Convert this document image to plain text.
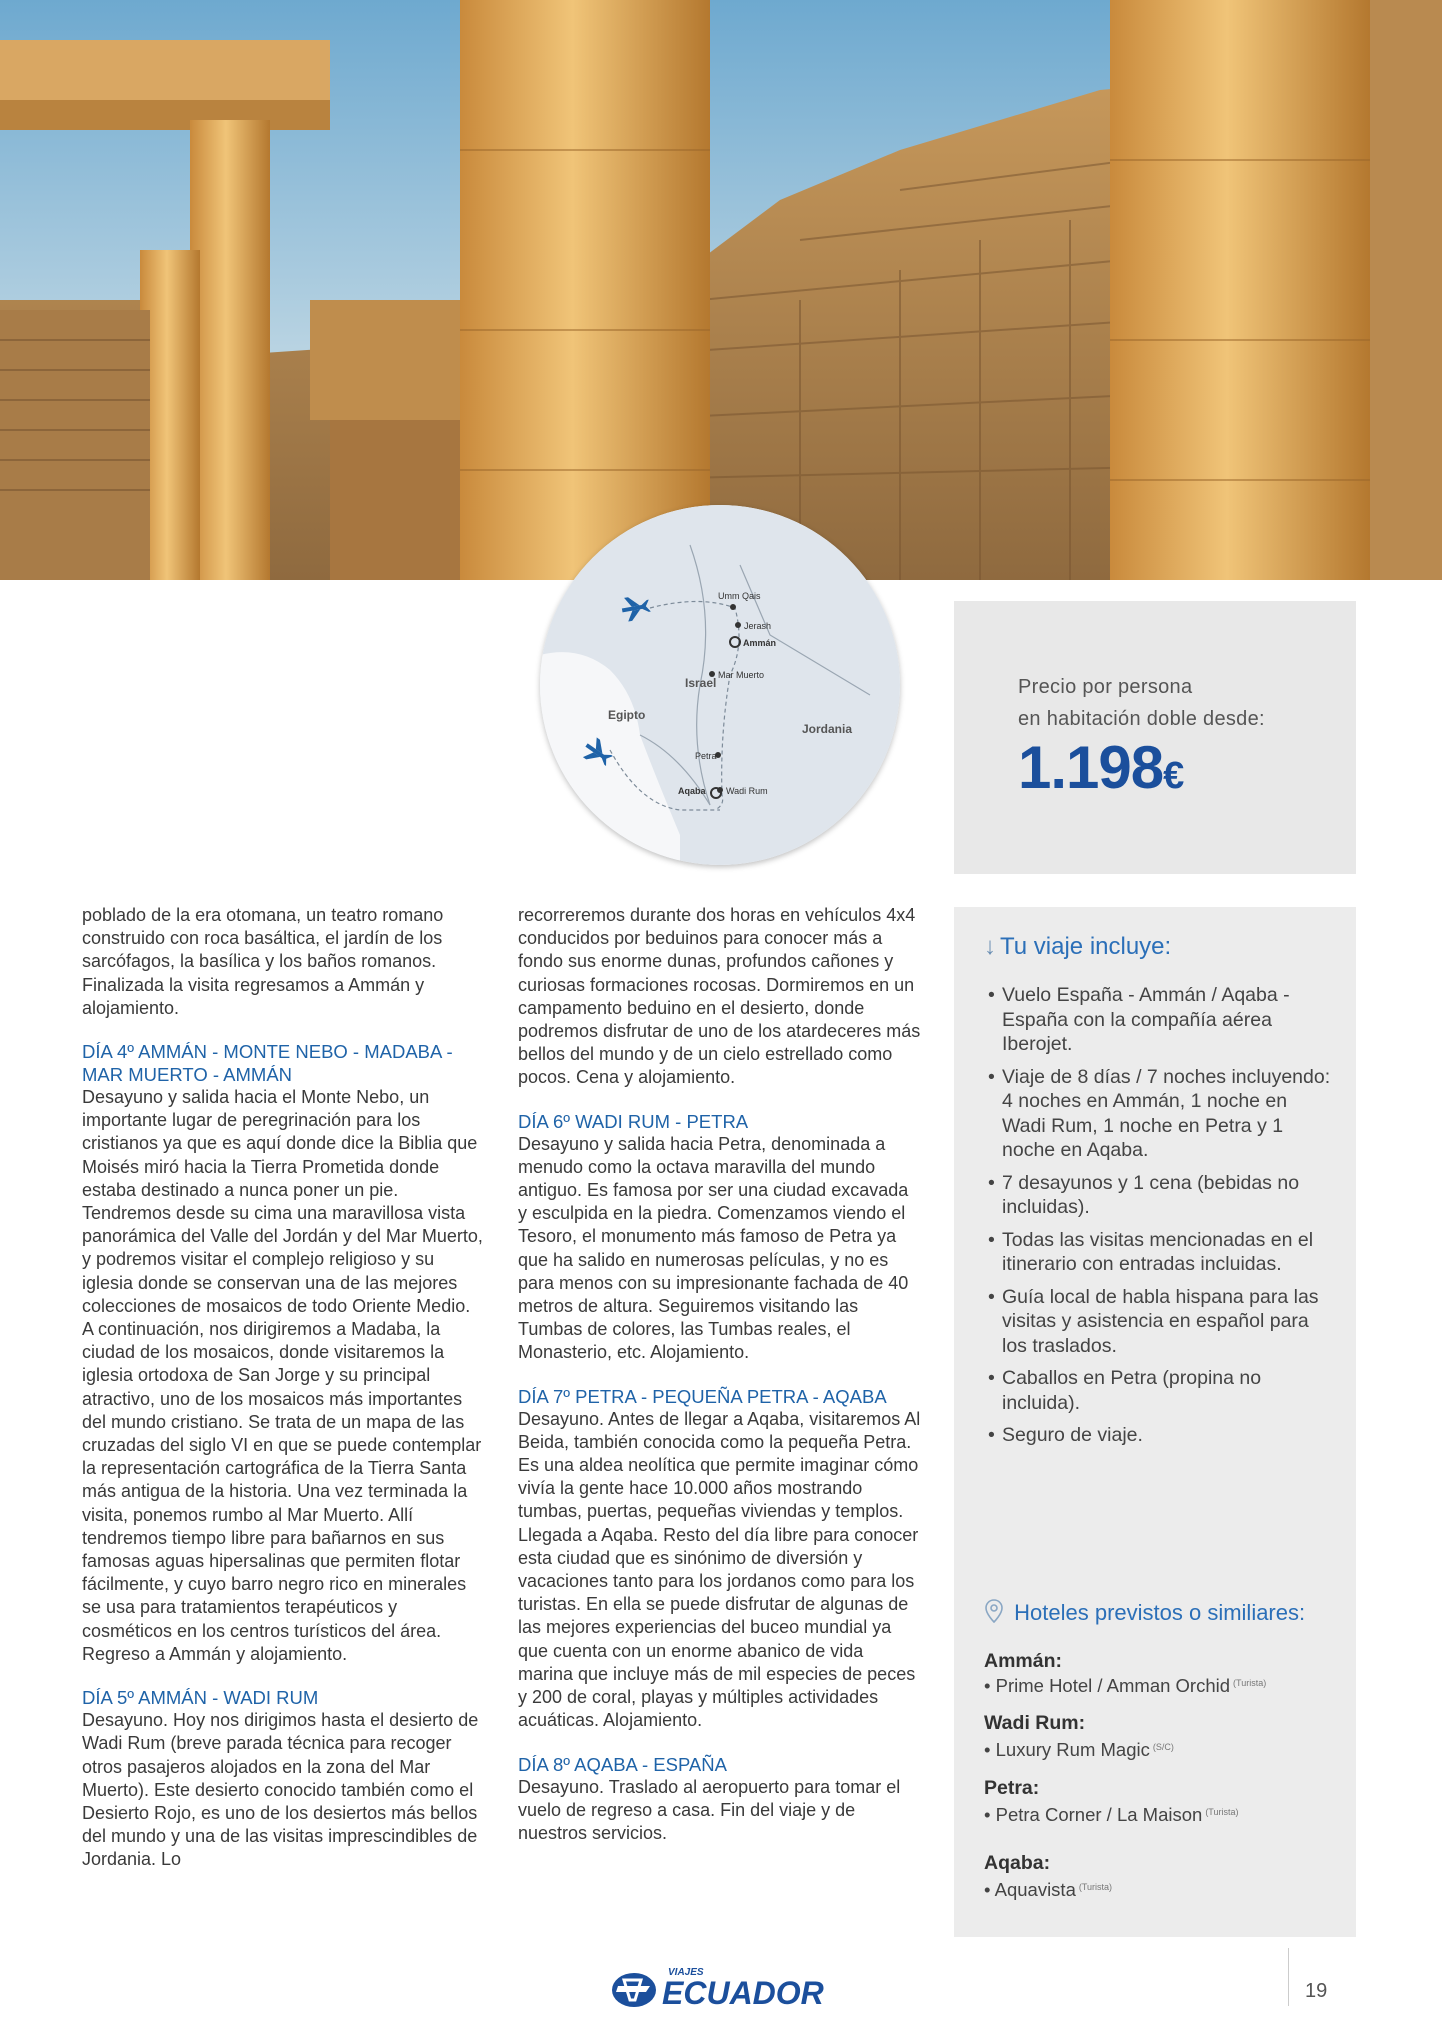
Umm Qais
Jerash
Ammán
Mar Muerto
Petra
Wadi Rum
Aqaba
Israel
Egipto
Jordania
Precio por persona
en habitación doble desde:
1.198€

poblado de la era otomana, un teatro romano construido con roca basáltica, el jardín de los sarcófagos, la basílica y los baños romanos. Finalizada la visita regresamos a Ammán y alojamiento.

DÍA 4º AMMÁN - MONTE NEBO - MADABA - MAR MUERTO - AMMÁN

Desayuno y salida hacia el Monte Nebo, un importante lugar de peregrinación para los cristianos ya que es aquí donde dice la Biblia que Moisés miró hacia la Tierra Prometida donde estaba destinado a nunca poner un pie. Tendremos desde su cima una maravillosa vista panorámica del Valle del Jordán y del Mar Muerto, y podremos visitar el complejo religioso y su iglesia donde se conservan una de las mejores colecciones de mosaicos de todo Oriente Medio. A continuación, nos dirigiremos a Madaba, la ciudad de los mosaicos, donde visitaremos la iglesia ortodoxa de San Jorge y su principal atractivo, uno de los mosaicos más importantes del mundo cristiano. Se trata de un mapa de las cruzadas del siglo VI en que se puede contemplar la representación cartográfica de la Tierra Santa más antigua de la historia. Una vez terminada la visita, ponemos rumbo al Mar Muerto. Allí tendremos tiempo libre para bañarnos en sus famosas aguas hipersalinas que permiten flotar fácilmente, y cuyo barro negro rico en minerales se usa para tratamientos terapéuticos y cosméticos en los centros turísticos del área. Regreso a Ammán y alojamiento.

DÍA 5º AMMÁN - WADI RUM

Desayuno. Hoy nos dirigimos hasta el desierto de Wadi Rum (breve parada técnica para recoger otros pasajeros alojados en la zona del Mar Muerto). Este desierto conocido también como el Desierto Rojo, es uno de los desiertos más bellos del mundo y una de las visitas imprescindibles de Jordania. Lo

recorreremos durante dos horas en vehículos 4x4 conducidos por beduinos para conocer más a fondo sus enorme dunas, profundos cañones y curiosas formaciones rocosas. Dormiremos en un campamento beduino en el desierto, donde podremos disfrutar de uno de los atardeceres más bellos del mundo y de un cielo estrellado como pocos. Cena y alojamiento.

DÍA 6º WADI RUM - PETRA

Desayuno y salida hacia Petra, denominada a menudo como la octava maravilla del mundo antiguo. Es famosa por ser una ciudad excavada y esculpida en la piedra. Comenzamos viendo el Tesoro, el monumento más famoso de Petra ya que ha salido en numerosas películas, y no es para menos con su impresionante fachada de 40 metros de altura. Seguiremos visitando las Tumbas de colores, las Tumbas reales, el Monasterio, etc. Alojamiento.

DÍA 7º PETRA - PEQUEÑA PETRA - AQABA

Desayuno. Antes de llegar a Aqaba, visitaremos Al Beida, también conocida como la pequeña Petra. Es una aldea neolítica que permite imaginar cómo vivía la gente hace 10.000 años mostrando tumbas, puertas, pequeñas viviendas y templos. Llegada a Aqaba. Resto del día libre para conocer esta ciudad que es sinónimo de diversión y vacaciones tanto para los jordanos como para los turistas. En ella se puede disfrutar de algunas de las mejores experiencias del buceo mundial ya que cuenta con un enorme abanico de vida marina que incluye más de mil especies de peces y 200 de coral, playas y múltiples actividades acuáticas. Alojamiento.

DÍA 8º AQABA - ESPAÑA

Desayuno. Traslado al aeropuerto para tomar el vuelo de regreso a casa. Fin del viaje y de nuestros servicios.

↓ Tu viaje incluye:
• Vuelo España - Ammán / Aqaba - España con la compañía aérea Iberojet.
• Viaje de 8 días / 7 noches incluyendo: 4 noches en Ammán, 1 noche en Wadi Rum, 1 noche en Petra y 1 noche en Aqaba.
• 7 desayunos y 1 cena (bebidas no incluidas).
• Todas las visitas mencionadas en el itinerario con entradas incluidas.
• Guía local de habla hispana para las visitas y asistencia en español para los traslados.
• Caballos en Petra (propina no incluida).
• Seguro de viaje.
Hoteles previstos o similiares:
Ammán:
• Prime Hotel / Amman Orchid $^{(Turista)}$
Wadi Rum:
• Luxury Rum Magic $^{(S/C)}$
Petra:
• Petra Corner / La Maison $^{(Turista)}$
Aqaba:
• Aquavista $^{(Turista)}$
VIAJES
ECUADOR	19
